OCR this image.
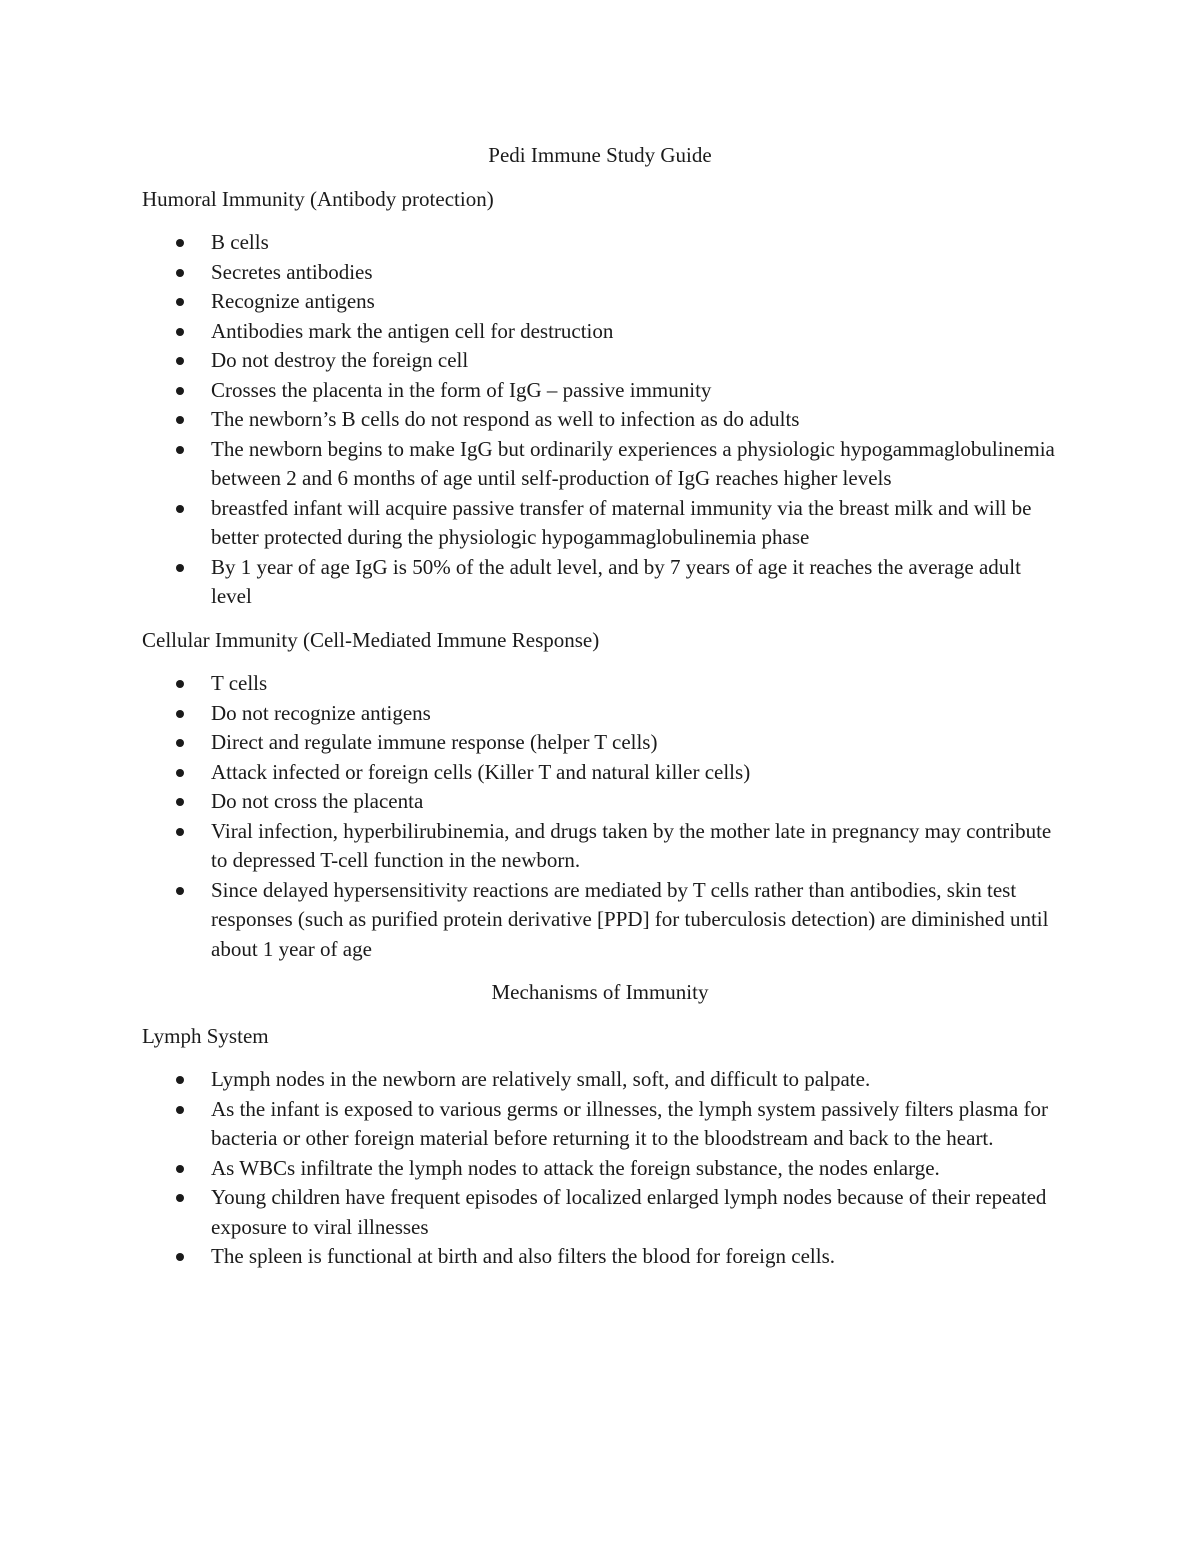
Pedi Immune Study Guide
Humoral Immunity (Antibody protection)
B cells
Secretes antibodies
Recognize antigens
Antibodies mark the antigen cell for destruction
Do not destroy the foreign cell
Crosses the placenta in the form of IgG – passive immunity
The newborn’s B cells do not respond as well to infection as do adults
The newborn begins to make IgG but ordinarily experiences a physiologic hypogammaglobulinemia between 2 and 6 months of age until self-production of IgG reaches higher levels
breastfed infant will acquire passive transfer of maternal immunity via the breast milk and will be better protected during the physiologic hypogammaglobulinemia phase
By 1 year of age IgG is 50% of the adult level, and by 7 years of age it reaches the average adult level
Cellular Immunity (Cell-Mediated Immune Response)
T cells
Do not recognize antigens
Direct and regulate immune response (helper T cells)
Attack infected or foreign cells (Killer T and natural killer cells)
Do not cross the placenta
Viral infection, hyperbilirubinemia, and drugs taken by the mother late in pregnancy may contribute to depressed T-cell function in the newborn.
Since delayed hypersensitivity reactions are mediated by T cells rather than antibodies, skin test responses (such as purified protein derivative [PPD] for tuberculosis detection) are diminished until about 1 year of age
Mechanisms of Immunity
Lymph System
Lymph nodes in the newborn are relatively small, soft, and difficult to palpate.
As the infant is exposed to various germs or illnesses, the lymph system passively filters plasma for bacteria or other foreign material before returning it to the bloodstream and back to the heart.
As WBCs infiltrate the lymph nodes to attack the foreign substance, the nodes enlarge.
Young children have frequent episodes of localized enlarged lymph nodes because of their repeated exposure to viral illnesses
The spleen is functional at birth and also filters the blood for foreign cells.
